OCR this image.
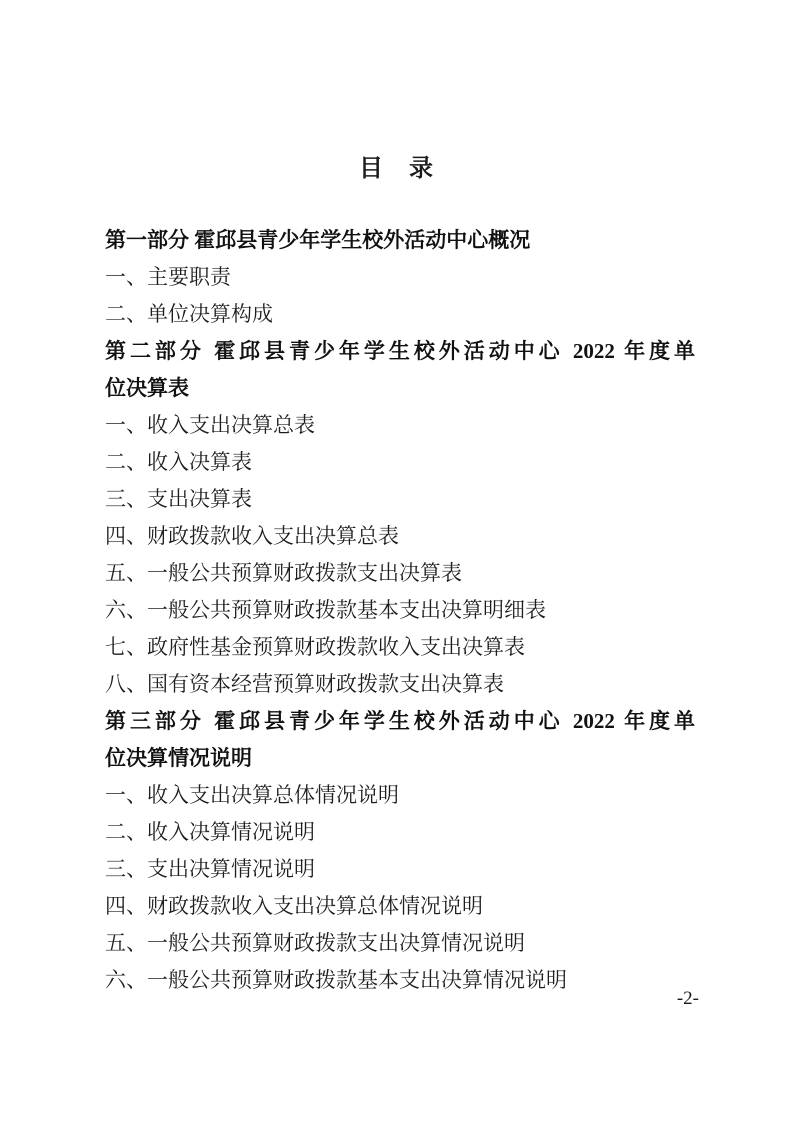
目　录
第一部分 霍邱县青少年学生校外活动中心概况
一、主要职责
二、单位决算构成
第二部分 霍邱县青少年学生校外活动中心 2022 年度单
位决算表
一、收入支出决算总表
二、收入决算表
三、支出决算表
四、财政拨款收入支出决算总表
五、一般公共预算财政拨款支出决算表
六、一般公共预算财政拨款基本支出决算明细表
七、政府性基金预算财政拨款收入支出决算表
八、国有资本经营预算财政拨款支出决算表
第三部分 霍邱县青少年学生校外活动中心 2022 年度单
位决算情况说明
一、收入支出决算总体情况说明
二、收入决算情况说明
三、支出决算情况说明
四、财政拨款收入支出决算总体情况说明
五、一般公共预算财政拨款支出决算情况说明
六、一般公共预算财政拨款基本支出决算情况说明
-2-
